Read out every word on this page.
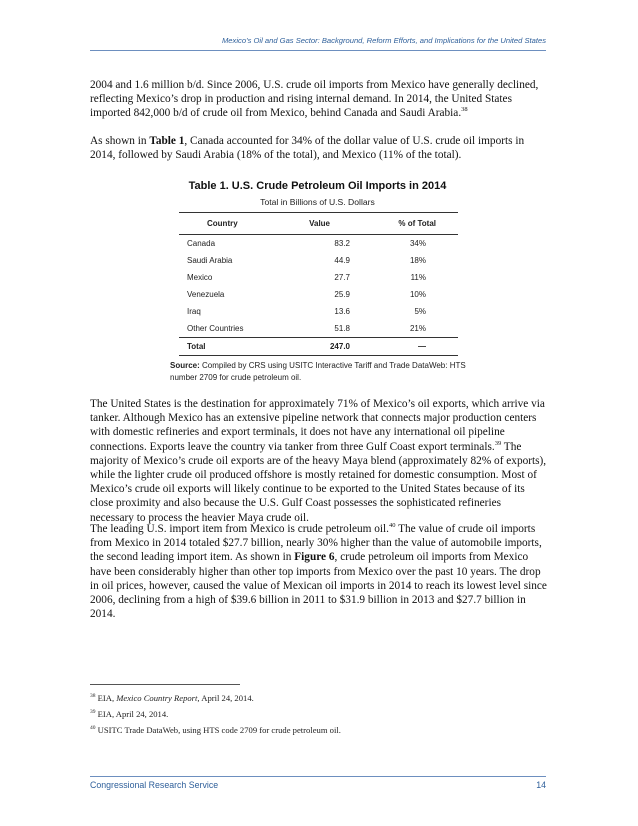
Mexico’s Oil and Gas Sector: Background, Reform Efforts, and Implications for the United States

2004 and 1.6 million b/d. Since 2006, U.S. crude oil imports from Mexico have generally declined, reflecting Mexico’s drop in production and rising internal demand. In 2014, the United States imported 842,000 b/d of crude oil from Mexico, behind Canada and Saudi Arabia.$^{38}$

As shown in Table 1, Canada accounted for 34% of the dollar value of U.S. crude oil imports in 2014, followed by Saudi Arabia (18% of the total), and Mexico (11% of the total).

Table 1. U.S. Crude Petroleum Oil Imports in 2014
Total in Billions of U.S. Dollars
Country	Value	% of Total
Canada	83.2	34%
Saudi Arabia	44.9	18%
Mexico	27.7	11%
Venezuela	25.9	10%
Iraq	13.6	5%
Other Countries	51.8	21%
Total	247.0	—

Source: Compiled by CRS using USITC Interactive Tariff and Trade DataWeb: HTS number 2709 for crude petroleum oil.

The United States is the destination for approximately 71% of Mexico’s oil exports, which arrive via tanker. Although Mexico has an extensive pipeline network that connects major production centers with domestic refineries and export terminals, it does not have any international oil pipeline connections. Exports leave the country via tanker from three Gulf Coast export terminals.$^{39}$ The majority of Mexico’s crude oil exports are of the heavy Maya blend (approximately 82% of exports), while the lighter crude oil produced offshore is mostly retained for domestic consumption. Most of Mexico’s crude oil exports will likely continue to be exported to the United States because of its close proximity and also because the U.S. Gulf Coast possesses the sophisticated refineries necessary to process the heavier Maya crude oil.

The leading U.S. import item from Mexico is crude petroleum oil.$^{40}$ The value of crude oil imports from Mexico in 2014 totaled $27.7 billion, nearly 30% higher than the value of automobile imports, the second leading import item. As shown in Figure 6, crude petroleum oil imports from Mexico have been considerably higher than other top imports from Mexico over the past 10 years. The drop in oil prices, however, caused the value of Mexican oil imports in 2014 to reach its lowest level since 2006, declining from a high of $39.6 billion in 2011 to $31.9 billion in 2013 and $27.7 billion in 2014.

$^{38}$ EIA, Mexico Country Report, April 24, 2014.

$^{39}$ EIA, April 24, 2014.

$^{40}$ USITC Trade DataWeb, using HTS code 2709 for crude petroleum oil.

Congressional Research Service	14
